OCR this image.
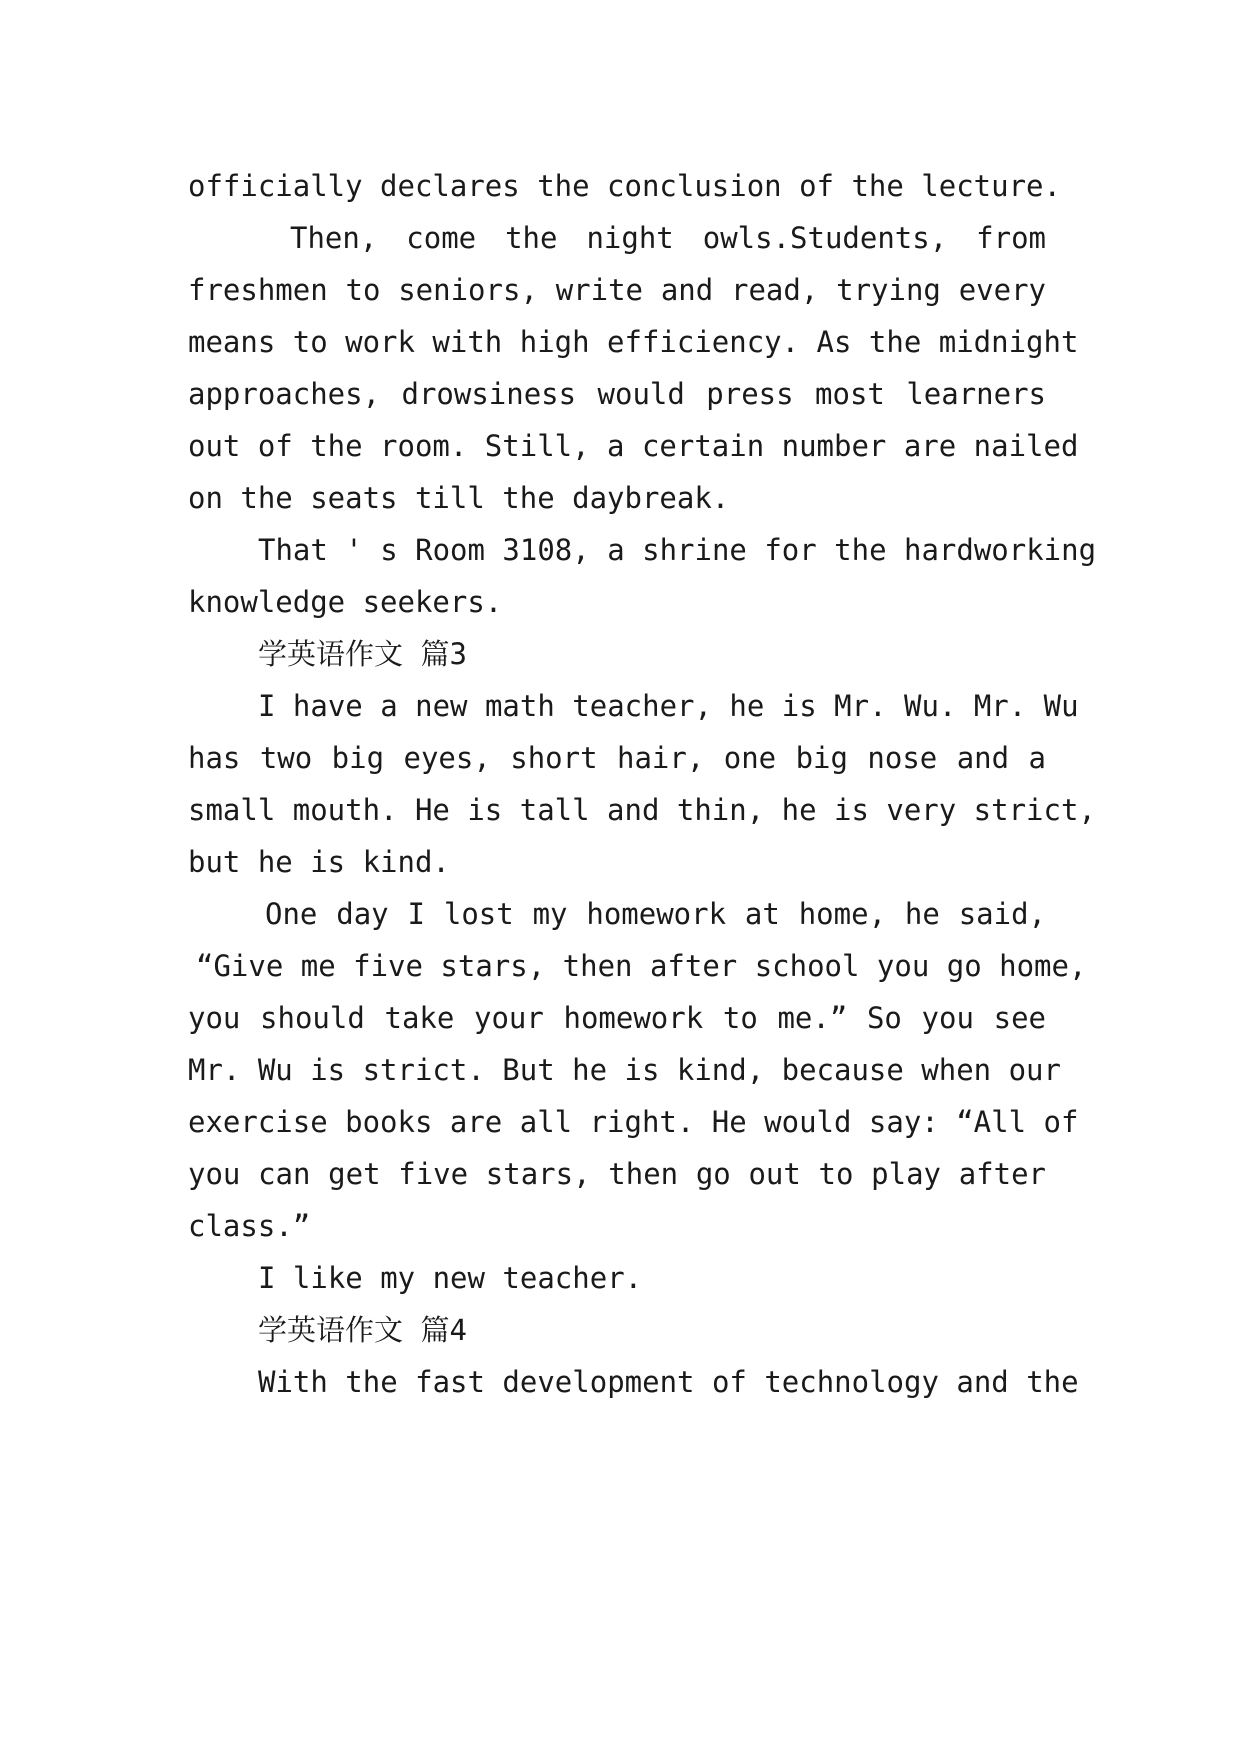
officially declares the conclusion of the lecture.
Then, come the night owls.Students, from
freshmen to seniors, write and read, trying every
means to work with high efficiency. As the midnight
approaches, drowsiness would press most learners
out of the room. Still, a certain number are nailed
on the seats till the daybreak.
That ' s Room 3108, a shrine for the hardworking
knowledge seekers.
学英语作文 篇3
I have a new math teacher, he is Mr. Wu. Mr. Wu
has two big eyes, short hair, one big nose and a
small mouth. He is tall and thin, he is very strict,
but he is kind.
One day I lost my homework at home, he said,
“Give me five stars, then after school you go home,
you should take your homework to me.” So you see
Mr. Wu is strict. But he is kind, because when our
exercise books are all right. He would say: “All of
you can get five stars, then go out to play after
class.”
I like my new teacher.
学英语作文 篇4
With the fast development of technology and the
